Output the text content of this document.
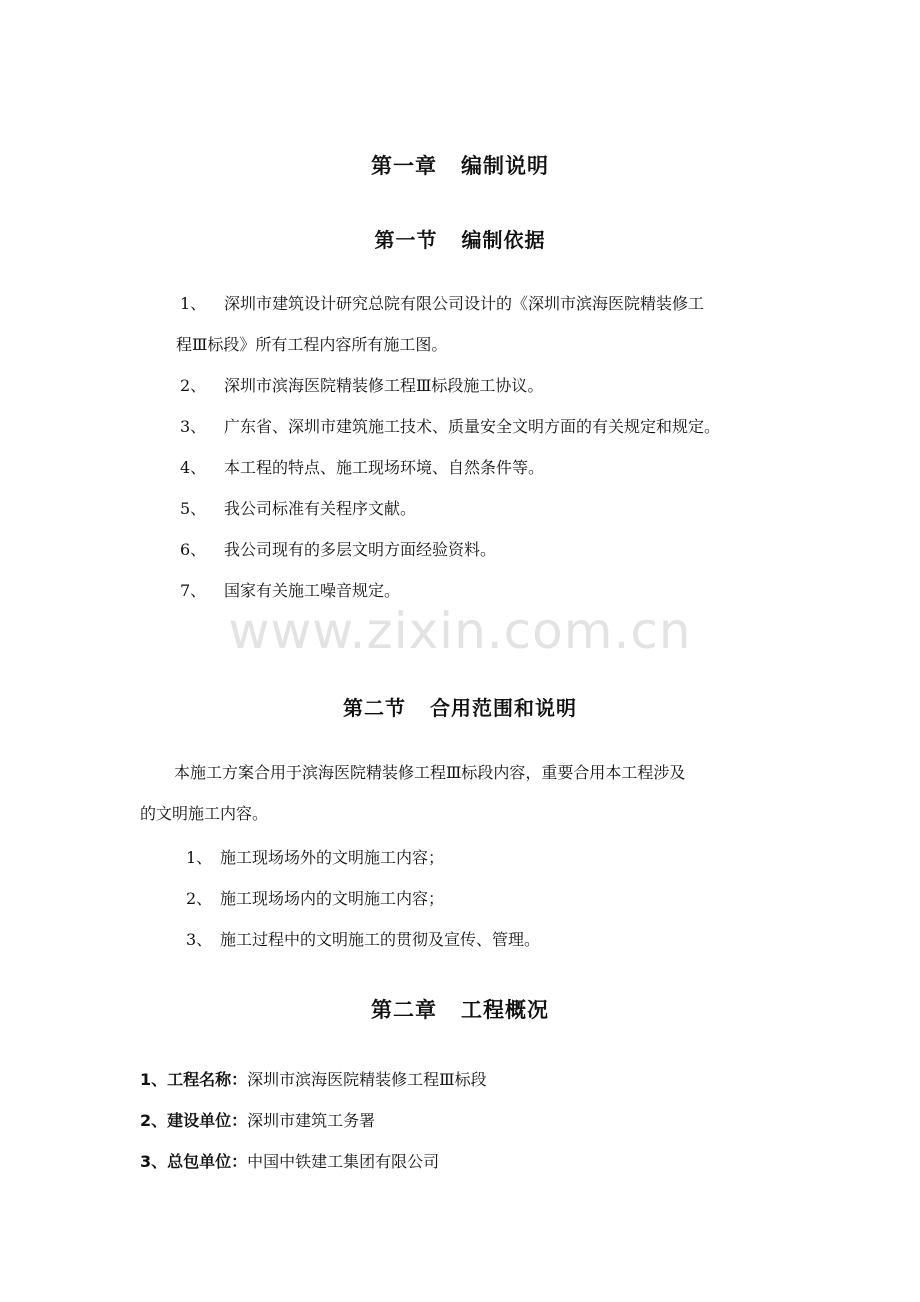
第一章 编制说明
第一节 编制依据
1、 深圳市建筑设计研究总院有限公司设计的《深圳市滨海医院精装修工
程Ⅲ标段》所有工程内容所有施工图。
2、 深圳市滨海医院精装修工程Ⅲ标段施工协议。
3、 广东省、深圳市建筑施工技术、质量安全文明方面的有关规定和规定。
4、 本工程的特点、施工现场环境、自然条件等。
5、 我公司标准有关程序文献。
6、 我公司现有的多层文明方面经验资料。
7、 国家有关施工噪音规定。
www.zixin.com.cn
第二节 合用范围和说明
本施工方案合用于滨海医院精装修工程Ⅲ标段内容，重要合用本工程涉及
的文明施工内容。
1、 施工现场场外的文明施工内容；
2、 施工现场场内的文明施工内容；
3、 施工过程中的文明施工的贯彻及宣传、管理。
第二章 工程概况
1、工程名称：深圳市滨海医院精装修工程Ⅲ标段
2、建设单位：深圳市建筑工务署
3、总包单位：中国中铁建工集团有限公司
